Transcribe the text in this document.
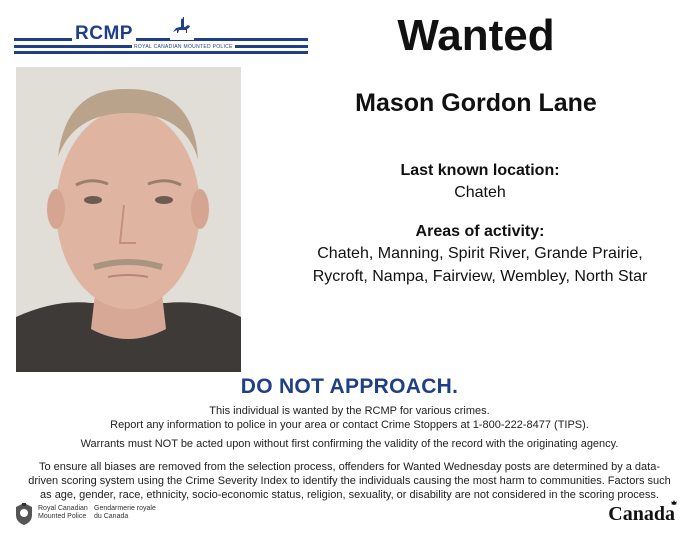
RCMP
ROYAL CANADIAN MOUNTED POLICE	Wanted
Mason Gordon Lane
Last known location:
Chateh
Areas of activity:
Chateh, Manning, Spirit River, Grande Prairie,
Rycroft, Nampa, Fairview, Wembley, North Star
DO NOT APPROACH.
This individual is wanted by the RCMP for various crimes.
Report any information to police in your area or contact Crime Stoppers at 1-800-222-8477 (TIPS).
Warrants must NOT be acted upon without first confirming the validity of the record with the originating agency.
To ensure all biases are removed from the selection process, offenders for Wanted Wednesday posts are determined by a data-
driven scoring system using the Crime Severity Index to identify the individuals causing the most harm to communities. Factors such
as age, gender, race, ethnicity, socio-economic status, religion, sexuality, or disability are not considered in the scoring process.
Royal Canadian
Mounted Police
Gendarmerie royale
du Canada	Canada
